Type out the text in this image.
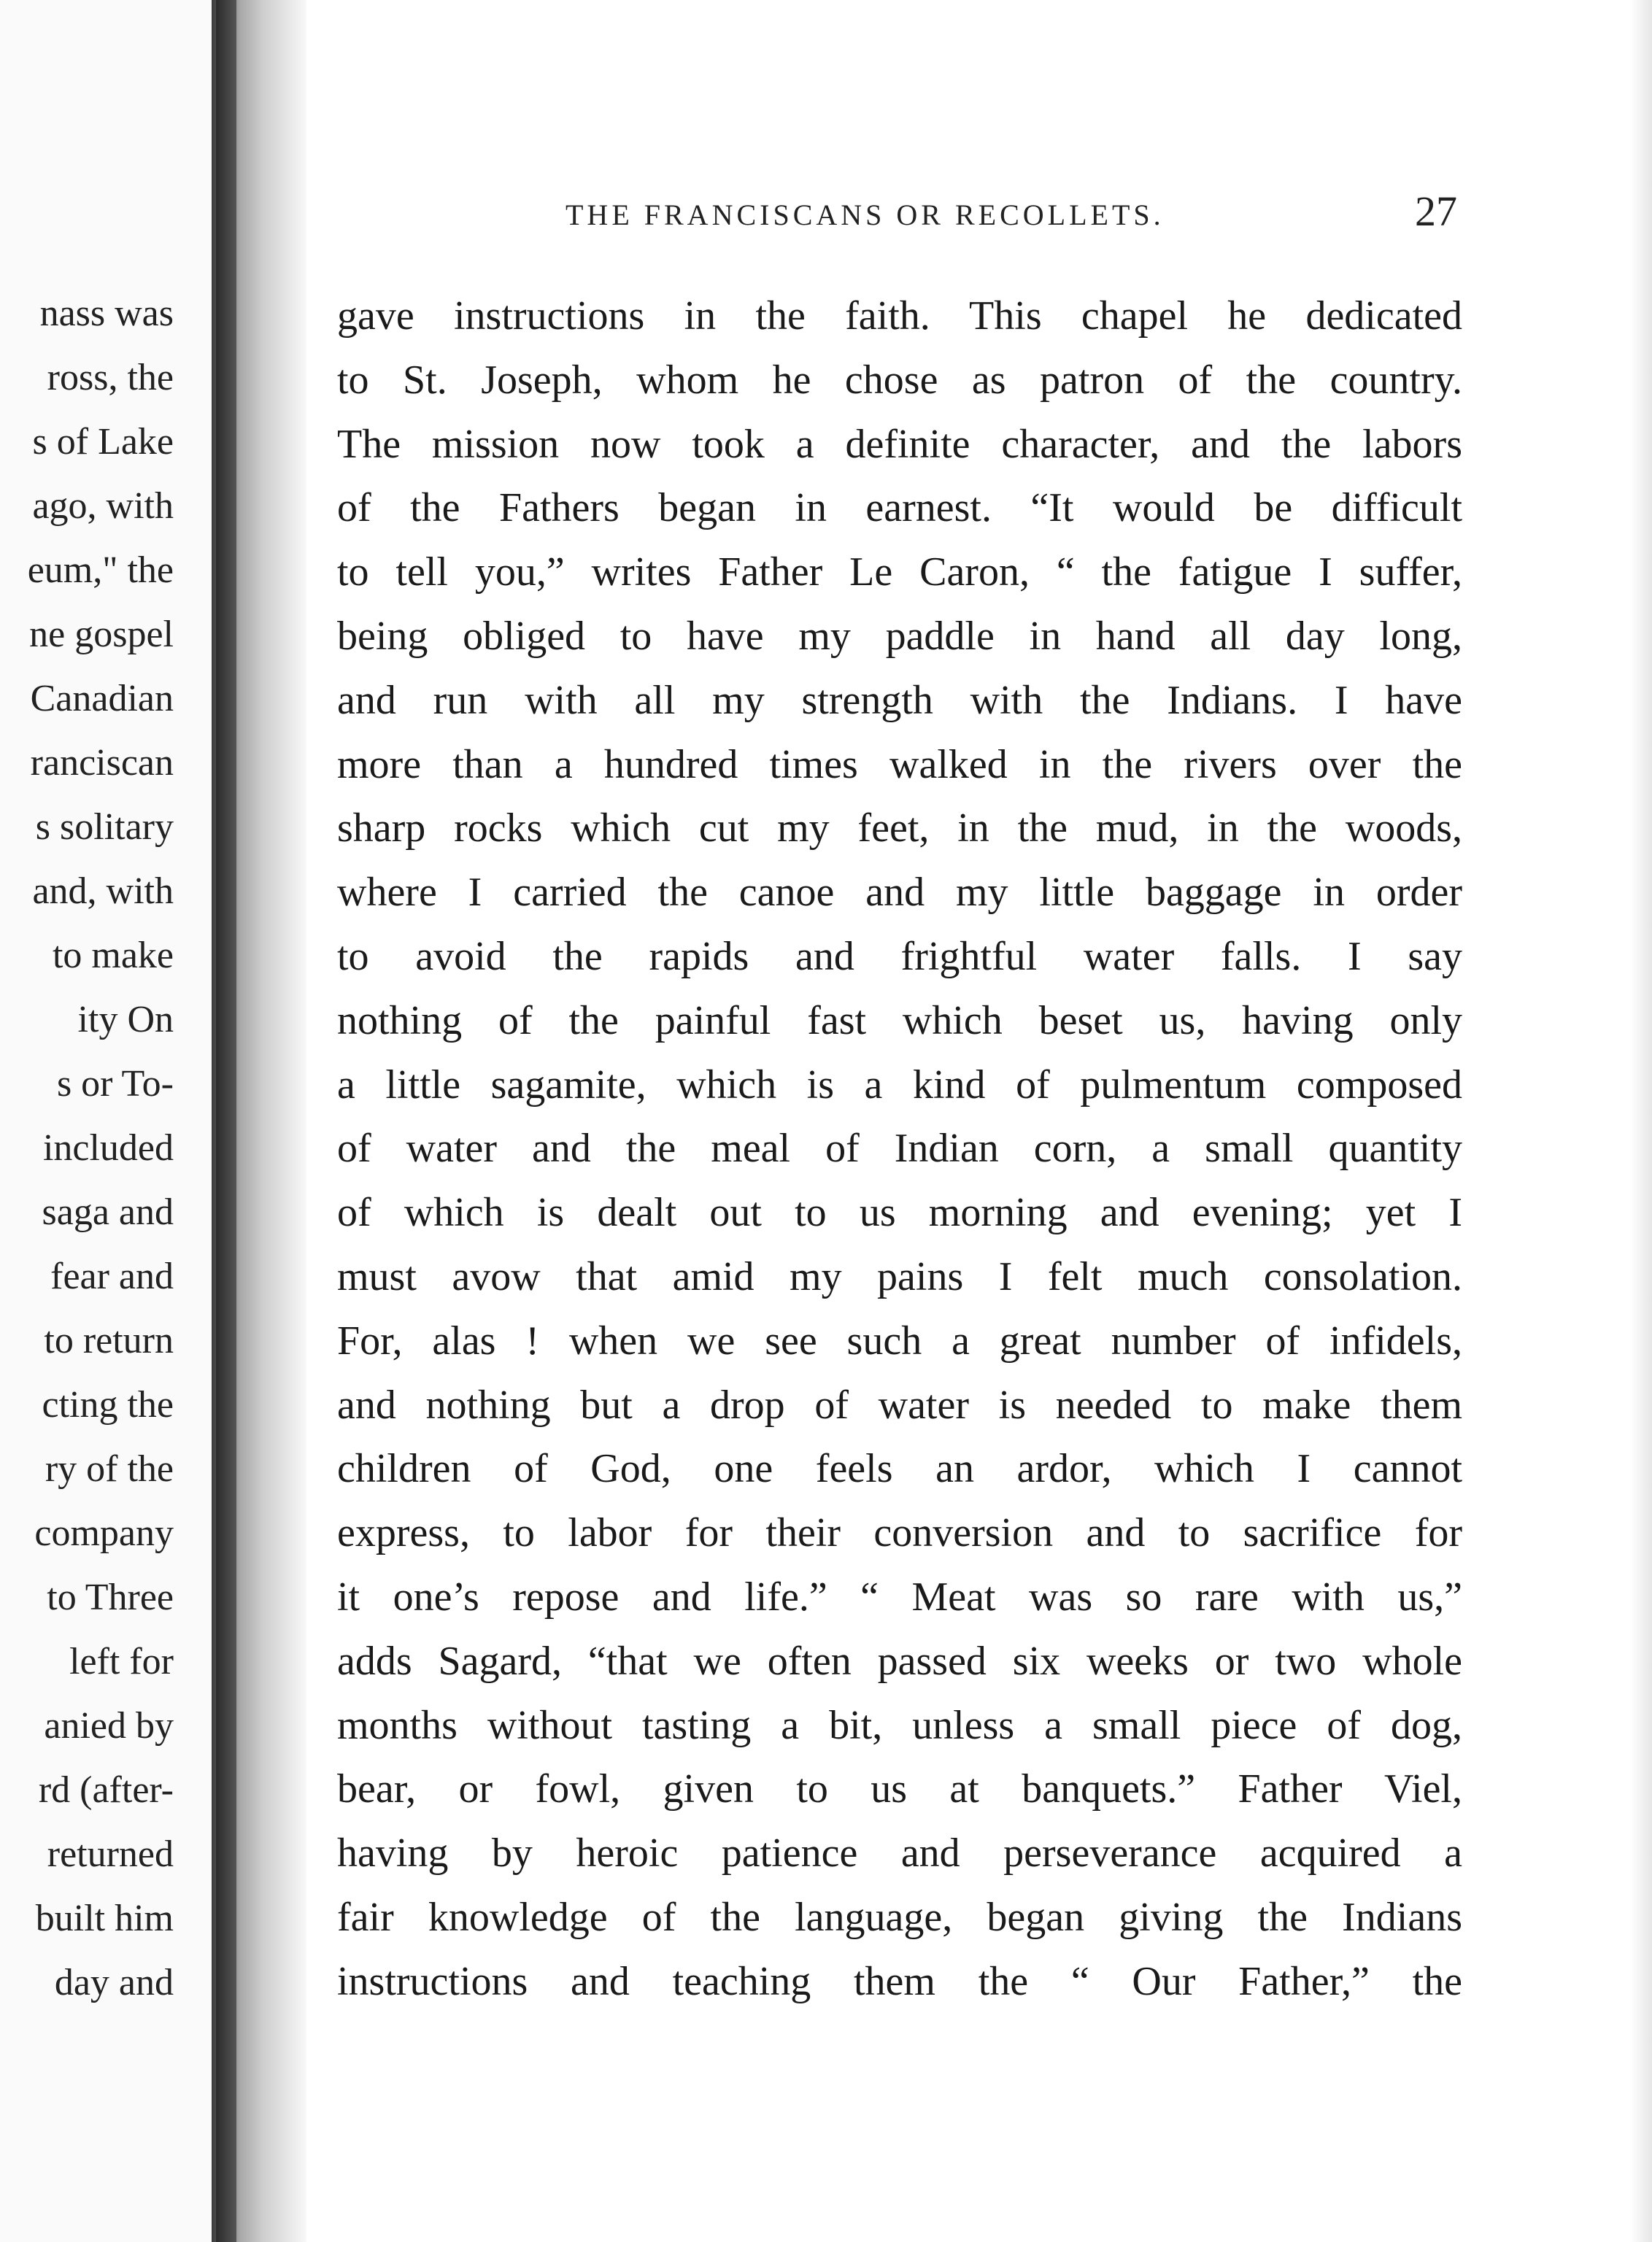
nass was
ross, the
s of Lake
ago, with
eum," the
ne gospel
Canadian
ranciscan
s solitary
and, with
to make
ity On
s or To-
included
saga and
fear and
to return
cting the
ry of the
company
to Three
left for
anied by
rd (after-
returned
built him
day and
THE FRANCISCANS OR RECOLLETS.	27
gave instructions in the faith. This chapel he dedicated
to St. Joseph, whom he chose as patron of the country.
The mission now took a definite character, and the labors
of the Fathers began in earnest. “It would be difficult
to tell you,” writes Father Le Caron, “ the fatigue I suffer,
being obliged to have my paddle in hand all day long,
and run with all my strength with the Indians. I have
more than a hundred times walked in the rivers over the
sharp rocks which cut my feet, in the mud, in the woods,
where I carried the canoe and my little baggage in order
to avoid the rapids and frightful water falls. I say
nothing of the painful fast which beset us, having only
a little sagamite, which is a kind of pulmentum composed
of water and the meal of Indian corn, a small quantity
of which is dealt out to us morning and evening; yet I
must avow that amid my pains I felt much consolation.
For, alas ! when we see such a great number of infidels,
and nothing but a drop of water is needed to make them
children of God, one feels an ardor, which I cannot
express, to labor for their conversion and to sacrifice for
it one’s repose and life.” “ Meat was so rare with us,”
adds Sagard, “that we often passed six weeks or two whole
months without tasting a bit, unless a small piece of dog,
bear, or fowl, given to us at banquets.” Father Viel,
having by heroic patience and perseverance acquired a
fair knowledge of the language, began giving the Indians
instructions and teaching them the “ Our Father,” the
